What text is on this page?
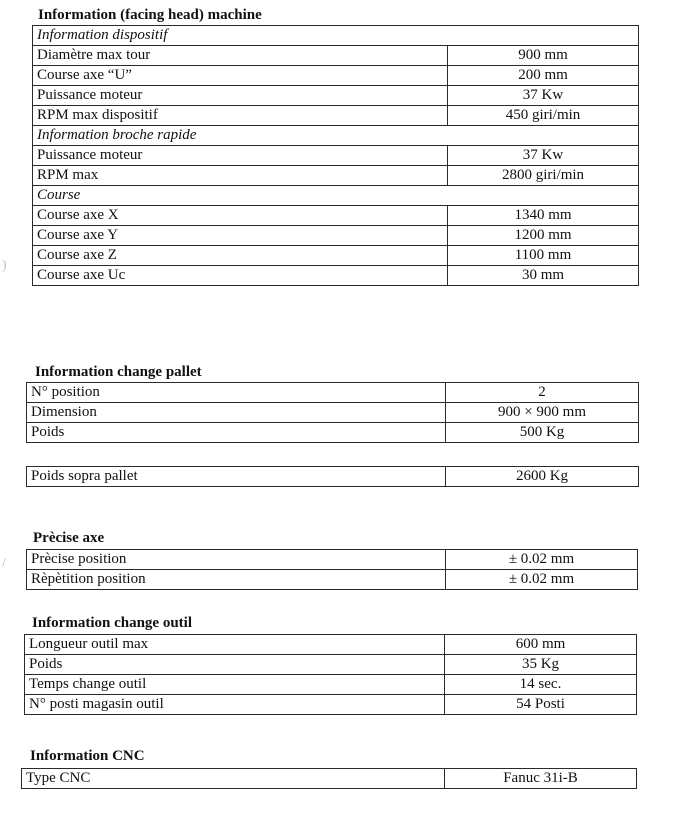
Information (facing head) machine
Information dispositif	
Diamètre max tour	900 mm
Course axe “U”	200 mm
Puissance moteur	37 Kw
RPM max dispositif	450 giri/min
Information broche rapide	
Puissance moteur	37 Kw
RPM max	2800 giri/min
Course	
Course axe X	1340 mm
Course axe Y	1200 mm
Course axe Z	1100 mm
Course axe Uc	30 mm
Information change pallet
N° position	2
Dimension	900 × 900 mm
Poids	500 Kg
Poids sopra pallet	2600 Kg
Prècise axe
Prècise position	± 0.02 mm
Rèpètition position	± 0.02 mm
Information change outil
Longueur outil max	600 mm
Poids	35 Kg
Temps change outil	14 sec.
N° posti magasin outil	54 Posti
Information CNC
Type CNC	Fanuc 31i-B
)
/
